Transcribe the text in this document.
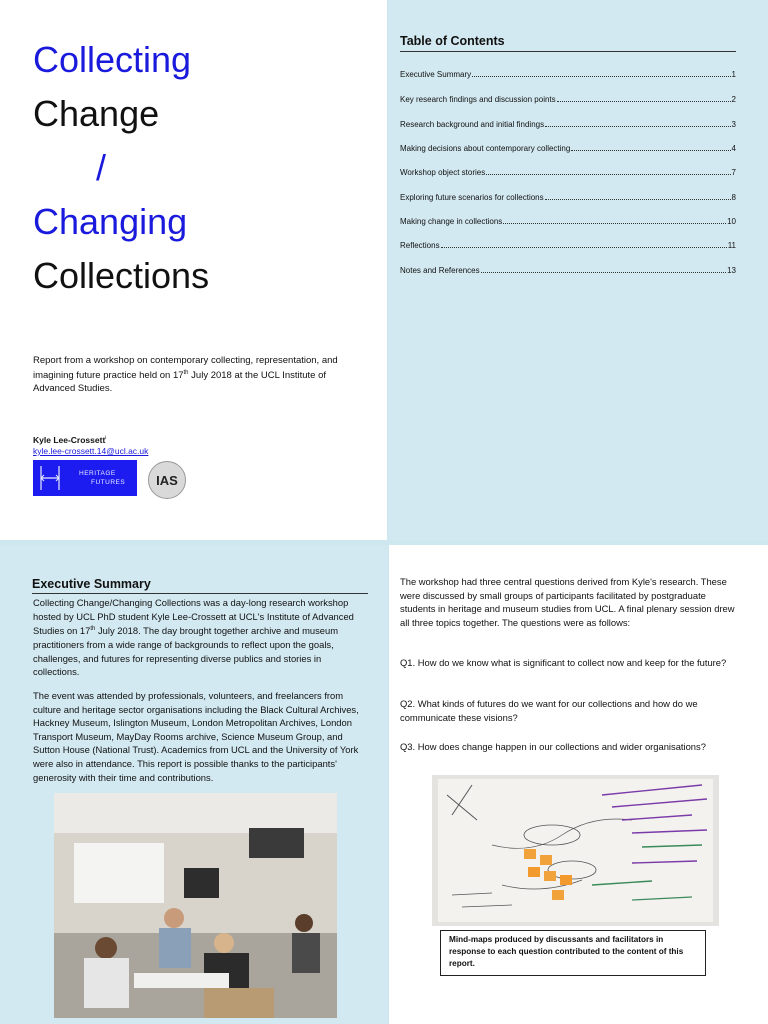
Collecting
Change
/
Changing
Collections
Report from a workshop on contemporary collecting, representation, and imagining future practice held on 17th July 2018 at the UCL Institute of Advanced Studies.
Kyle Lee-Crossett$^i$
kyle.lee-crossett.14@ucl.ac.uk
HERITAGE
FUTURES	IAS
Table of Contents
Executive Summary	1
Key research findings and discussion points	2
Research background and initial findings	3
Making decisions about contemporary collecting	4
Workshop object stories	7
Exploring future scenarios for collections	8
Making change in collections	10
Reflections	11
Notes and References	13
Executive Summary
Collecting Change/Changing Collections was a day-long research workshop hosted by UCL PhD student Kyle Lee-Crossett at UCL's Institute of Advanced Studies on 17th July 2018. The day brought together archive and museum practitioners from a wide range of backgrounds to reflect upon the goals, challenges, and futures for representing diverse publics and stories in collections.
The event was attended by professionals, volunteers, and freelancers from culture and heritage sector organisations including the Black Cultural Archives, Hackney Museum, Islington Museum, London Metropolitan Archives, London Transport Museum, MayDay Rooms archive, Science Museum Group, and Sutton House (National Trust). Academics from UCL and the University of York were also in attendance. This report is possible thanks to the participants' generosity with their time and contributions.
The workshop had three central questions derived from Kyle's research. These were discussed by small groups of participants facilitated by postgraduate students in heritage and museum studies from UCL. A final plenary session drew all three topics together. The questions were as follows:
Q1. How do we know what is significant to collect now and keep for the future?
Q2. What kinds of futures do we want for our collections and how do we communicate these visions?
Q3. How does change happen in our collections and wider organisations?
Mind-maps produced by discussants and facilitators in response to each question contributed to the content of this report.
